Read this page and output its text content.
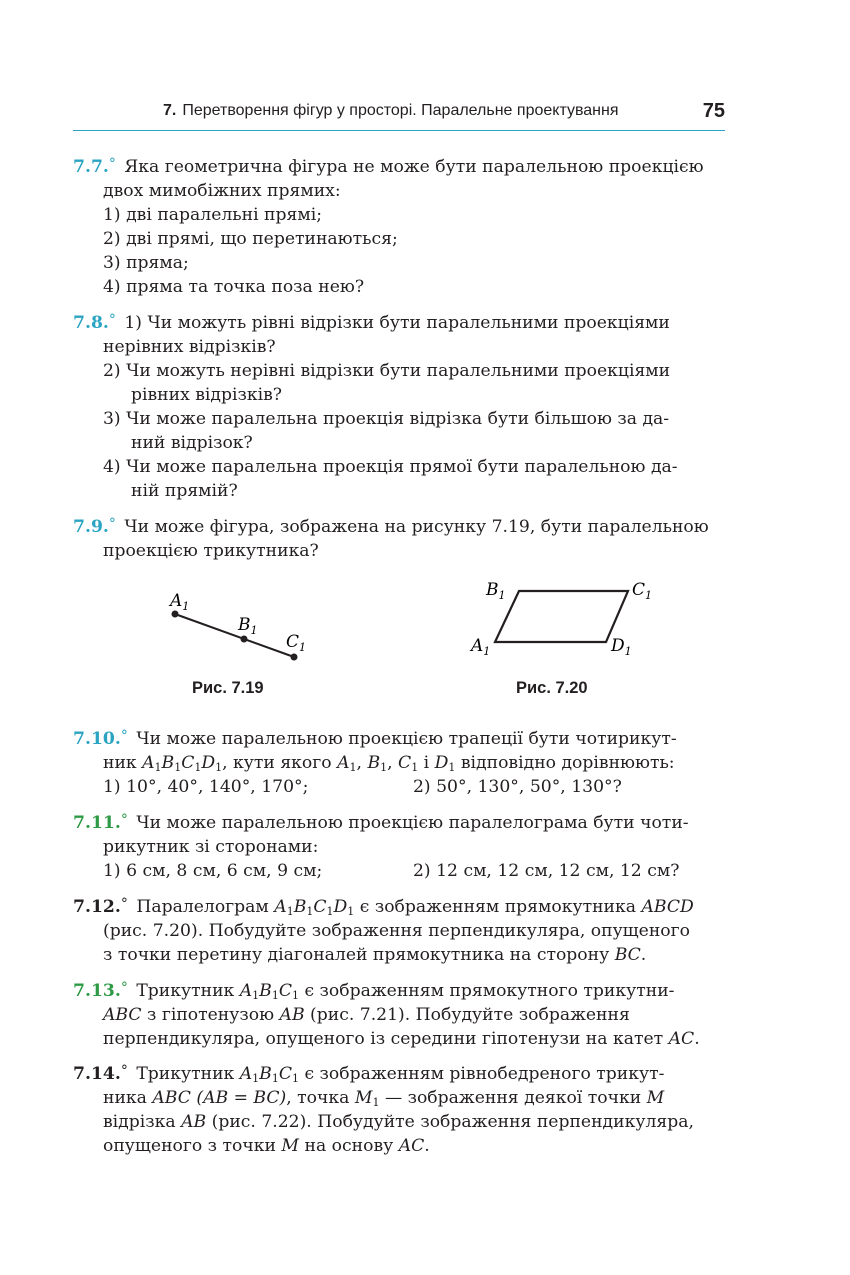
7. Перетворення фігур у просторі. Паралельне проектування	75
7.7.° Яка геометрична фігура не може бути паралельною проекцією
двох мимобіжних прямих:
1) дві паралельні прямі;
2) дві прямі, що перетинаються;
3) пряма;
4) пряма та точка поза нею?
7.8.° 1) Чи можуть рівні відрізки бути паралельними проекціями
нерівних відрізків?
2) Чи можуть нерівні відрізки бути паралельними проекціями
рівних відрізків?
3) Чи може паралельна проекція відрізка бути більшою за да-
ний відрізок?
4) Чи може паралельна проекція прямої бути паралельною да-
ній прямій?
7.9.° Чи може фігура, зображена на рисунку 7.19, бути паралельною
проекцією трикутника?
$A_1$
$B_1$
$C_1$
Рис. 7.19
$B_1$	$C_1$
$A_1$	$D_1$
Рис. 7.20
7.10.° Чи може паралельною проекцією трапеції бути чотирикут-
ник $A_1B_1C_1D_1$, кути якого $A_1$, $B_1$, $C_1$ і $D_1$ відповідно дорівнюють:
1) 10°, 40°, 140°, 170°;	2) 50°, 130°, 50°, 130°?
7.11.° Чи може паралельною проекцією паралелограма бути чоти-
рикутник зі сторонами:
1) 6 см, 8 см, 6 см, 9 см;	2) 12 см, 12 см, 12 см, 12 см?
7.12.° Паралелограм $A_1B_1C_1D_1$ є зображенням прямокутника ABCD
(рис. 7.20). Побудуйте зображення перпендикуляра, опущеного
з точки перетину діагоналей прямокутника на сторону BC.
7.13.° Трикутник $A_1B_1C_1$ є зображенням прямокутного трикутни-
ABC з гіпотенузою AB (рис. 7.21). Побудуйте зображення
перпендикуляра, опущеного із середини гіпотенузи на катет AC.
7.14.° Трикутник $A_1B_1C_1$ є зображенням рівнобедреного трикут-
ника ABC (AB = BC), точка $M_1$ — зображення деякої точки M
відрізка AB (рис. 7.22). Побудуйте зображення перпендикуляра,
опущеного з точки M на основу AC.
